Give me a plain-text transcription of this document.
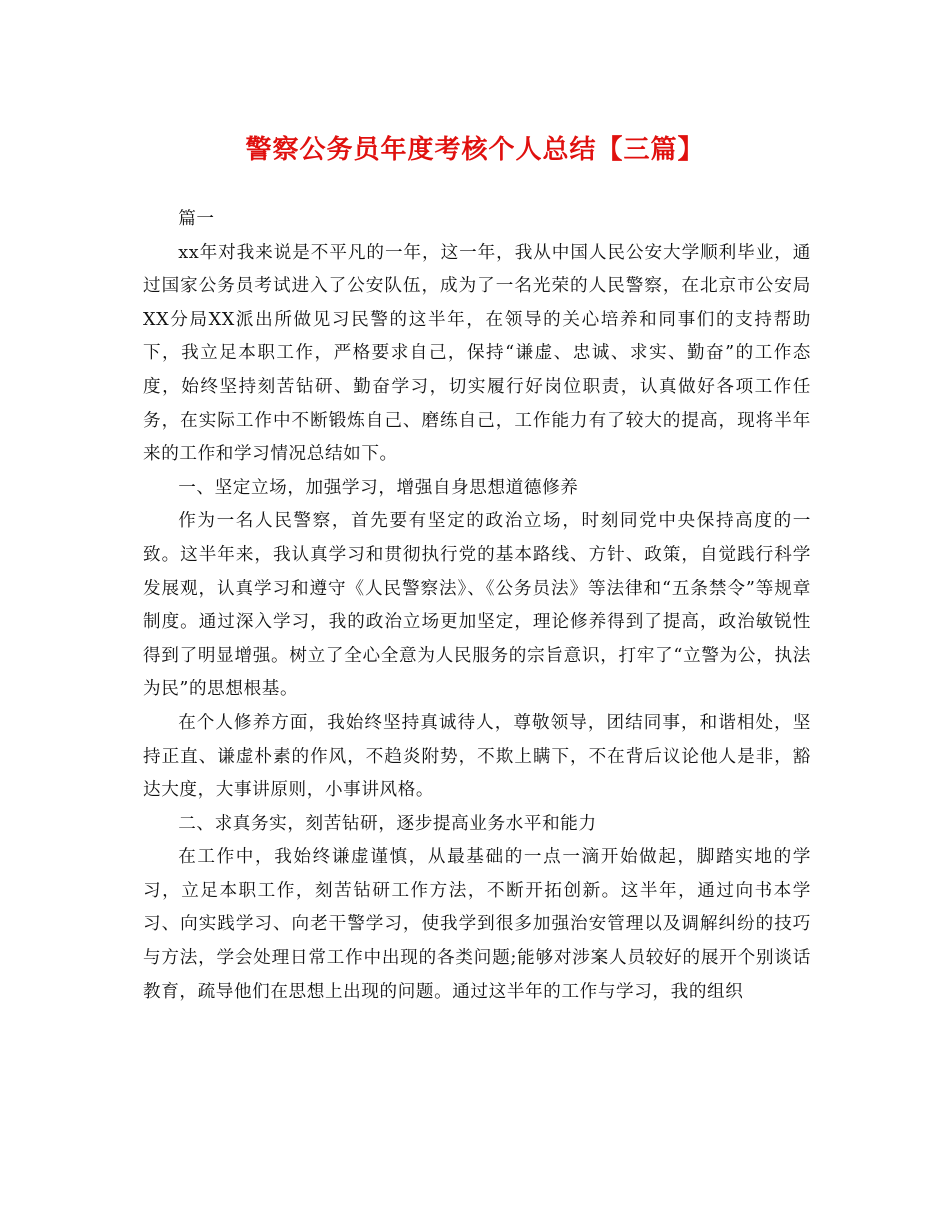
警察公务员年度考核个人总结【三篇】

篇一

xx年对我来说是不平凡的一年，这一年，我从中国人民公安大学顺利毕业，通过国家公务员考试进入了公安队伍，成为了一名光荣的人民警察，在北京市公安局XX分局XX派出所做见习民警的这半年，在领导的关心培养和同事们的支持帮助下，我立足本职工作，严格要求自己，保持“谦虚、忠诚、求实、勤奋”的工作态度，始终坚持刻苦钻研、勤奋学习，切实履行好岗位职责，认真做好各项工作任务，在实际工作中不断锻炼自己、磨练自己，工作能力有了较大的提高，现将半年来的工作和学习情况总结如下。

一、坚定立场，加强学习，增强自身思想道德修养

作为一名人民警察，首先要有坚定的政治立场，时刻同党中央保持高度的一致。这半年来，我认真学习和贯彻执行党的基本路线、方针、政策，自觉践行科学发展观，认真学习和遵守《人民警察法》、《公务员法》等法律和“五条禁令”等规章制度。通过深入学习，我的政治立场更加坚定，理论修养得到了提高，政治敏锐性得到了明显增强。树立了全心全意为人民服务的宗旨意识，打牢了“立警为公，执法为民”的思想根基。

在个人修养方面，我始终坚持真诚待人，尊敬领导，团结同事，和谐相处，坚持正直、谦虚朴素的作风，不趋炎附势，不欺上瞒下，不在背后议论他人是非，豁达大度，大事讲原则，小事讲风格。

二、求真务实，刻苦钻研，逐步提高业务水平和能力

在工作中，我始终谦虚谨慎，从最基础的一点一滴开始做起，脚踏实地的学习，立足本职工作，刻苦钻研工作方法，不断开拓创新。这半年，通过向书本学习、向实践学习、向老干警学习，使我学到很多加强治安管理以及调解纠纷的技巧与方法，学会处理日常工作中出现的各类问题;能够对涉案人员较好的展开个别谈话教育，疏导他们在思想上出现的问题。通过这半年的工作与学习，我的组织
